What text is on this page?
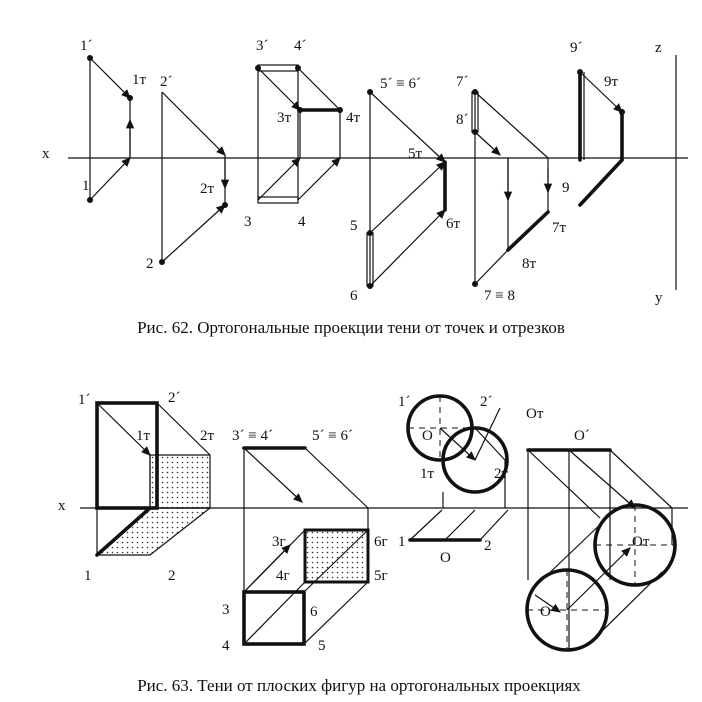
x
z
y
1´
1т
1
2´
2т
2
3´ 4´
3т	4т
3	4
5´ ≡ 6´
5т
6т
5
6
7´
8´
7т
8т
7 ≡ 8
9´
9т
9
x
1´	2´
1т	2т
1	2
3´ ≡ 4´	5´ ≡ 6´
3г
4г
6г
5г
3
4
6
5
1´	2´
Oт
O
1т	2т
1
O
2
O´
Oт
O
Рис. 62. Ортогональные проекции тени от точек и отрезков
Рис. 63. Тени от плоских фигур на ортогональных проекциях
